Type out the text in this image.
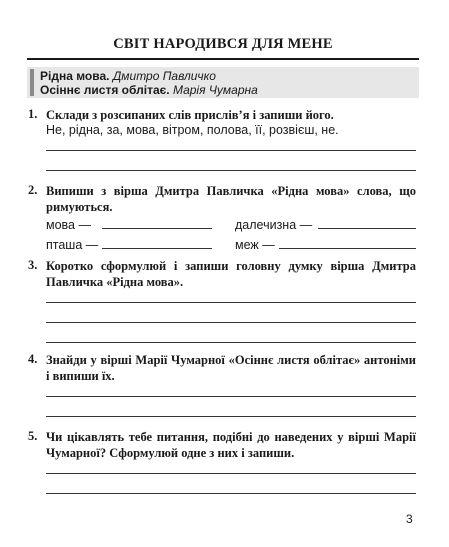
СВІТ НАРОДИВСЯ ДЛЯ МЕНЕ
Рідна мова. Дмитро Павличко
Осіннє листя облітає. Марія Чумарна
1. Склади з розсипаних слів прислів’я і запиши його.
Не, рідна, за, мова, вітром, полова, її, розвієш, не.
2. Випиши з вірша Дмитра Павличка «Рідна мова» слова, що римуються.
мова —	далечизна —
пташа —	меж —
3. Коротко сформулюй і запиши головну думку вірша Дмитра Павличка «Рідна мова».
4. Знайди у вірші Марії Чумарної «Осіннє листя облітає» антоніми і випиши їх.
5. Чи цікавлять тебе питання, подібні до наведених у вірші Марії Чумарної? Сформулюй одне з них і запиши.
3
